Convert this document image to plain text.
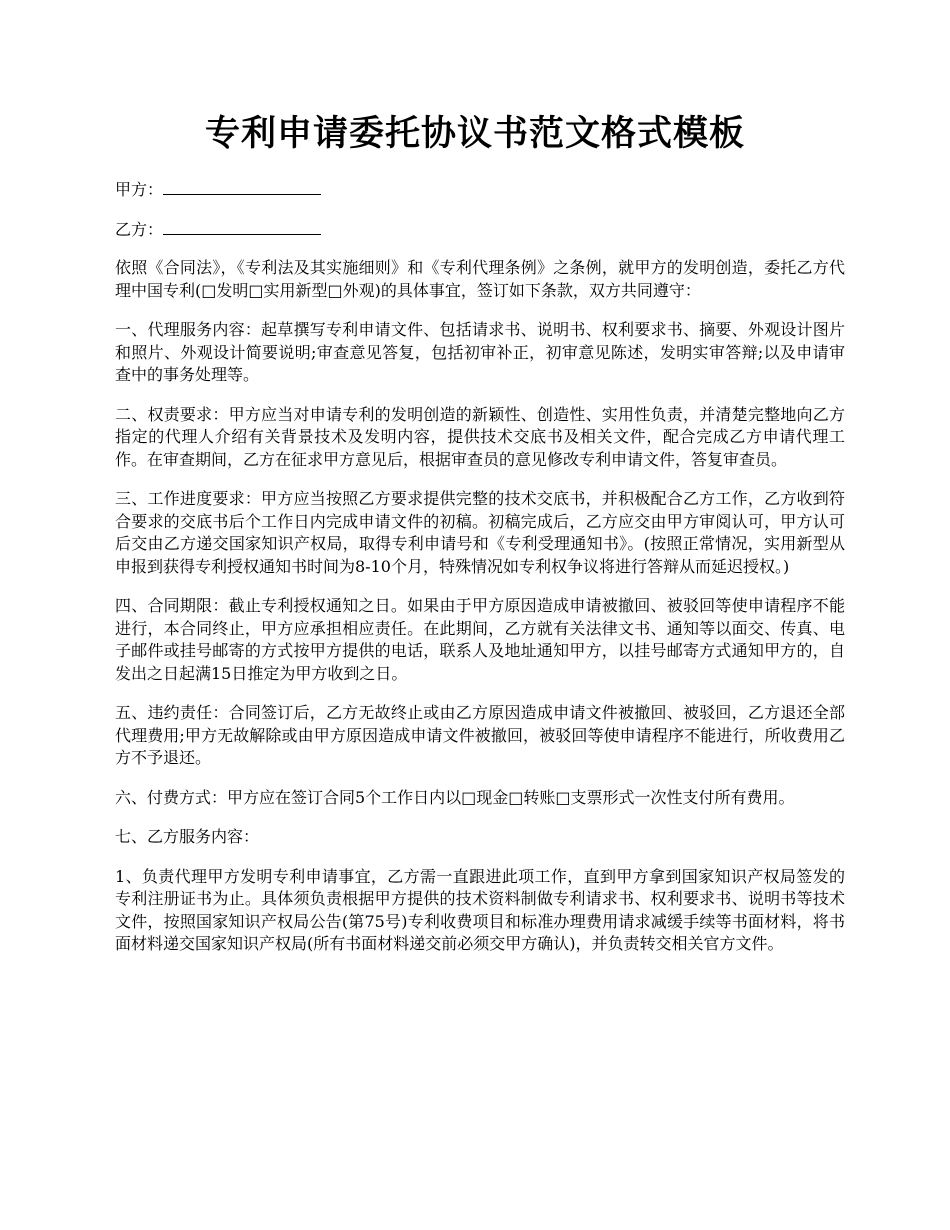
专利申请委托协议书范文格式模板
甲方：
乙方：

依照《合同法》，《专利法及其实施细则》和《专利代理条例》之条例，就甲方的发明创造，委托乙方代理中国专利(□发明□实用新型□外观)的具体事宜，签订如下条款，双方共同遵守：

一、代理服务内容：起草撰写专利申请文件、包括请求书、说明书、权利要求书、摘要、外观设计图片和照片、外观设计简要说明;审查意见答复，包括初审补正，初审意见陈述，发明实审答辩;以及申请审查中的事务处理等。

二、权责要求：甲方应当对申请专利的发明创造的新颖性、创造性、实用性负责，并清楚完整地向乙方指定的代理人介绍有关背景技术及发明内容，提供技术交底书及相关文件，配合完成乙方申请代理工作。在审查期间，乙方在征求甲方意见后，根据审查员的意见修改专利申请文件，答复审查员。

三、工作进度要求：甲方应当按照乙方要求提供完整的技术交底书，并积极配合乙方工作，乙方收到符合要求的交底书后个工作日内完成申请文件的初稿。初稿完成后，乙方应交由甲方审阅认可，甲方认可后交由乙方递交国家知识产权局，取得专利申请号和《专利受理通知书》。(按照正常情况，实用新型从申报到获得专利授权通知书时间为8-10个月，特殊情况如专利权争议将进行答辩从而延迟授权。)

四、合同期限：截止专利授权通知之日。如果由于甲方原因造成申请被撤回、被驳回等使申请程序不能进行，本合同终止，甲方应承担相应责任。在此期间，乙方就有关法律文书、通知等以面交、传真、电子邮件或挂号邮寄的方式按甲方提供的电话，联系人及地址通知甲方，以挂号邮寄方式通知甲方的，自发出之日起满15日推定为甲方收到之日。

五、违约责任：合同签订后，乙方无故终止或由乙方原因造成申请文件被撤回、被驳回，乙方退还全部代理费用;甲方无故解除或由甲方原因造成申请文件被撤回，被驳回等使申请程序不能进行，所收费用乙方不予退还。

六、付费方式：甲方应在签订合同5个工作日内以□现金□转账□支票形式一次性支付所有费用。

七、乙方服务内容：

1、负责代理甲方发明专利申请事宜，乙方需一直跟进此项工作，直到甲方拿到国家知识产权局签发的专利注册证书为止。具体须负责根据甲方提供的技术资料制做专利请求书、权利要求书、说明书等技术文件，按照国家知识产权局公告(第75号)专利收费项目和标准办理费用请求减缓手续等书面材料，将书面材料递交国家知识产权局(所有书面材料递交前必须交甲方确认)，并负责转交相关官方文件。
